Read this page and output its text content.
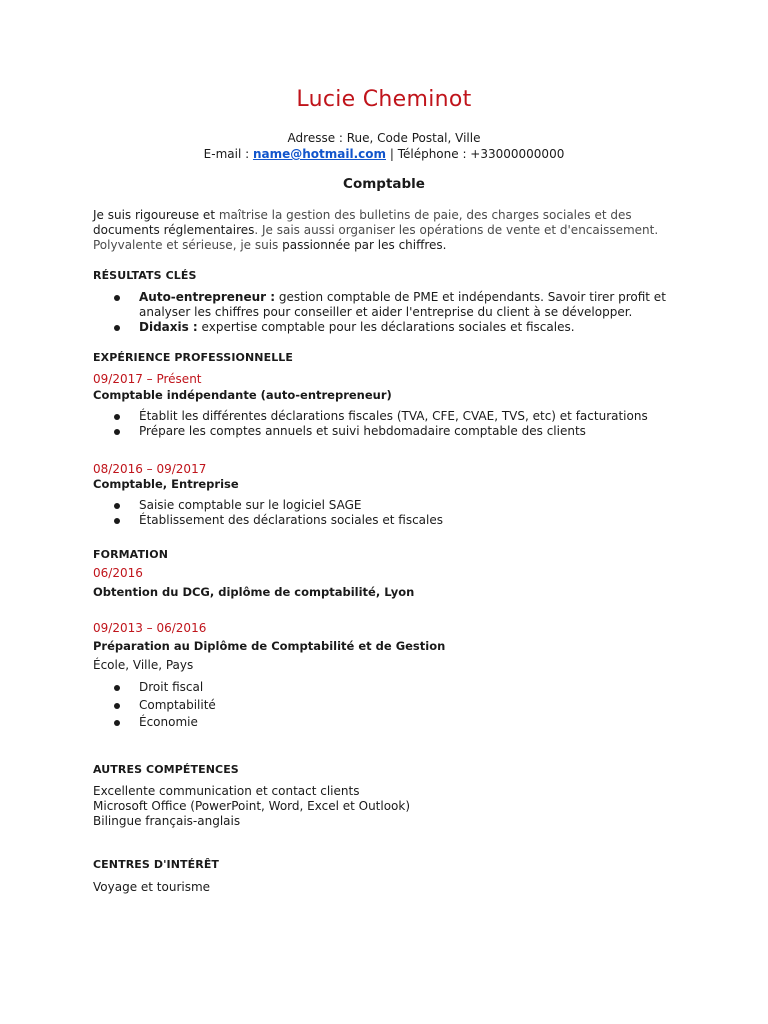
Lucie Cheminot
Adresse : Rue, Code Postal, Ville
E-mail : name@hotmail.com | Téléphone : +33000000000
Comptable
Je suis rigoureuse et maîtrise la gestion des bulletins de paie, des charges sociales et des
documents réglementaires. Je sais aussi organiser les opérations de vente et d'encaissement.
Polyvalente et sérieuse, je suis passionnée par les chiffres.
RÉSULTATS CLÉS
Auto-entrepreneur : gestion comptable de PME et indépendants. Savoir tirer profit et
analyser les chiffres pour conseiller et aider l'entreprise du client à se développer.
Didaxis : expertise comptable pour les déclarations sociales et fiscales.
EXPÉRIENCE PROFESSIONNELLE
09/2017 – Présent
Comptable indépendante (auto-entrepreneur)
Établit les différentes déclarations fiscales (TVA, CFE, CVAE, TVS, etc) et facturations
Prépare les comptes annuels et suivi hebdomadaire comptable des clients
08/2016 – 09/2017
Comptable, Entreprise
Saisie comptable sur le logiciel SAGE
Établissement des déclarations sociales et fiscales
FORMATION
06/2016
Obtention du DCG, diplôme de comptabilité, Lyon
09/2013 – 06/2016
Préparation au Diplôme de Comptabilité et de Gestion
École, Ville, Pays
Droit fiscal
Comptabilité
Économie
AUTRES COMPÉTENCES
Excellente communication et contact clients
Microsoft Office (PowerPoint, Word, Excel et Outlook)
Bilingue français-anglais
CENTRES D'INTÉRÊT
Voyage et tourisme
